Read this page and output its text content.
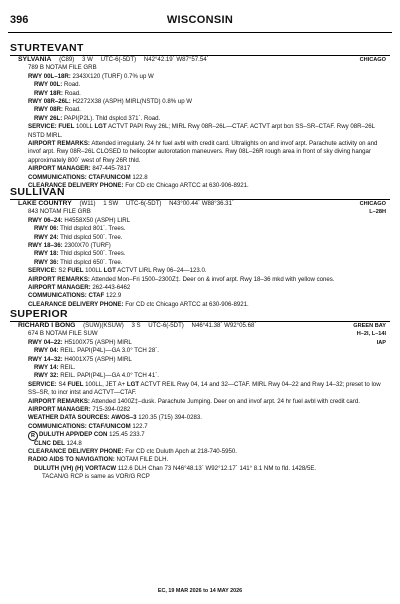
396	WISCONSIN
STURTEVANT
SYLVANIA (C89) 3 W UTC-6(-5DT) N42°42.19´ W87°57.54´	CHICAGO
789 B NOTAM FILE GRB
RWY 00L–18R: 2343X120 (TURF) 0.7% up W
RWY 00L: Road.
RWY 18R: Road.
RWY 08R–26L: H2272X38 (ASPH) MIRL(NSTD) 0.8% up W
RWY 08R: Road.
RWY 26L: PAPI(P2L). Thld dsplcd 371´. Road.
SERVICE: FUEL 100LL LGT ACTVT PAPI Rwy 26L; MIRL Rwy 08R–26L—CTAF. ACTVT arpt bcn SS–SR–CTAF. Rwy 08R–26L NSTD MIRL.
AIRPORT REMARKS: Attended irregularly. 24 hr fuel avbl with credit card. Ultralights on and invof arpt. Parachute activity on and invof arpt. Rwy 08R–26L CLOSED to helicopter autorotation maneuvers. Rwy 08L–26R rough area in front of sky diving hangar approximately 800´ west of Rwy 26R thld.
AIRPORT MANAGER: 847-445-7817
COMMUNICATIONS: CTAF/UNICOM 122.8
CLEARANCE DELIVERY PHONE: For CD ctc Chicago ARTCC at 630-906-8921.
SULLIVAN
LAKE COUNTRY (W11) 1 SW UTC-6(-5DT) N43°00.44´ W88°36.31´	CHICAGO
843 NOTAM FILE GRB	L–28H
RWY 06–24: H4558X50 (ASPH) LIRL
RWY 06: Thld dsplcd 801´. Trees.
RWY 24: Thld dsplcd 500´. Tree.
RWY 18–36: 2300X70 (TURF)
RWY 18: Thld dsplcd 500´. Trees.
RWY 36: Thld dsplcd 650´. Tree.
SERVICE: S2 FUEL 100LL LGT ACTVT LIRL Rwy 06–24—123.0.
AIRPORT REMARKS: Attended Mon–Fri 1500–2300Z‡. Deer on & invof arpt. Rwy 18–36 mkd with yellow cones.
AIRPORT MANAGER: 262-443-6462
COMMUNICATIONS: CTAF 122.9
CLEARANCE DELIVERY PHONE: For CD ctc Chicago ARTCC at 630-906-8921.
SUPERIOR
RICHARD I BONG (SUW)(KSUW) 3 S UTC-6(-5DT) N46°41.38´ W92°05.68´	GREEN BAY
674 B NOTAM FILE SUW	H–2I, L–14I
RWY 04–22: H5100X75 (ASPH) MIRL	IAP
RWY 04: REIL. PAPI(P4L)—GA 3.0° TCH 28´.
RWY 14–32: H4001X75 (ASPH) MIRL
RWY 14: REIL.
RWY 32: REIL. PAPI(P4L)—GA 4.0° TCH 41´.
SERVICE: S4 FUEL 100LL, JET A+ LGT ACTVT REIL Rwy 04, 14 and 32—CTAF. MIRL Rwy 04–22 and Rwy 14–32; preset to low SS–SR, to incr intst and ACTVT—CTAF.
AIRPORT REMARKS: Attended 1400Z‡–dusk. Parachute Jumping. Deer on and invof arpt. 24 hr fuel avbl with credit card.
AIRPORT MANAGER: 715-394-0282
WEATHER DATA SOURCES: AWOS–3 120.35 (715) 394-0283.
COMMUNICATIONS: CTAF/UNICOM 122.7
R DULUTH APP/DEP CON 125.45 233.7
CLNC DEL 124.8
CLEARANCE DELIVERY PHONE: For CD ctc Duluth Apch at 218-740-5950.
RADIO AIDS TO NAVIGATION: NOTAM FILE DLH.
DULUTH (VH) (H) VORTACW 112.6 DLH Chan 73 N46°48.13´ W92°12.17´ 141° 8.1 NM to fld. 1428/5E.
TACAN/G RCP is same as VOR/G RCP
EC, 19 MAR 2026 to 14 MAY 2026
